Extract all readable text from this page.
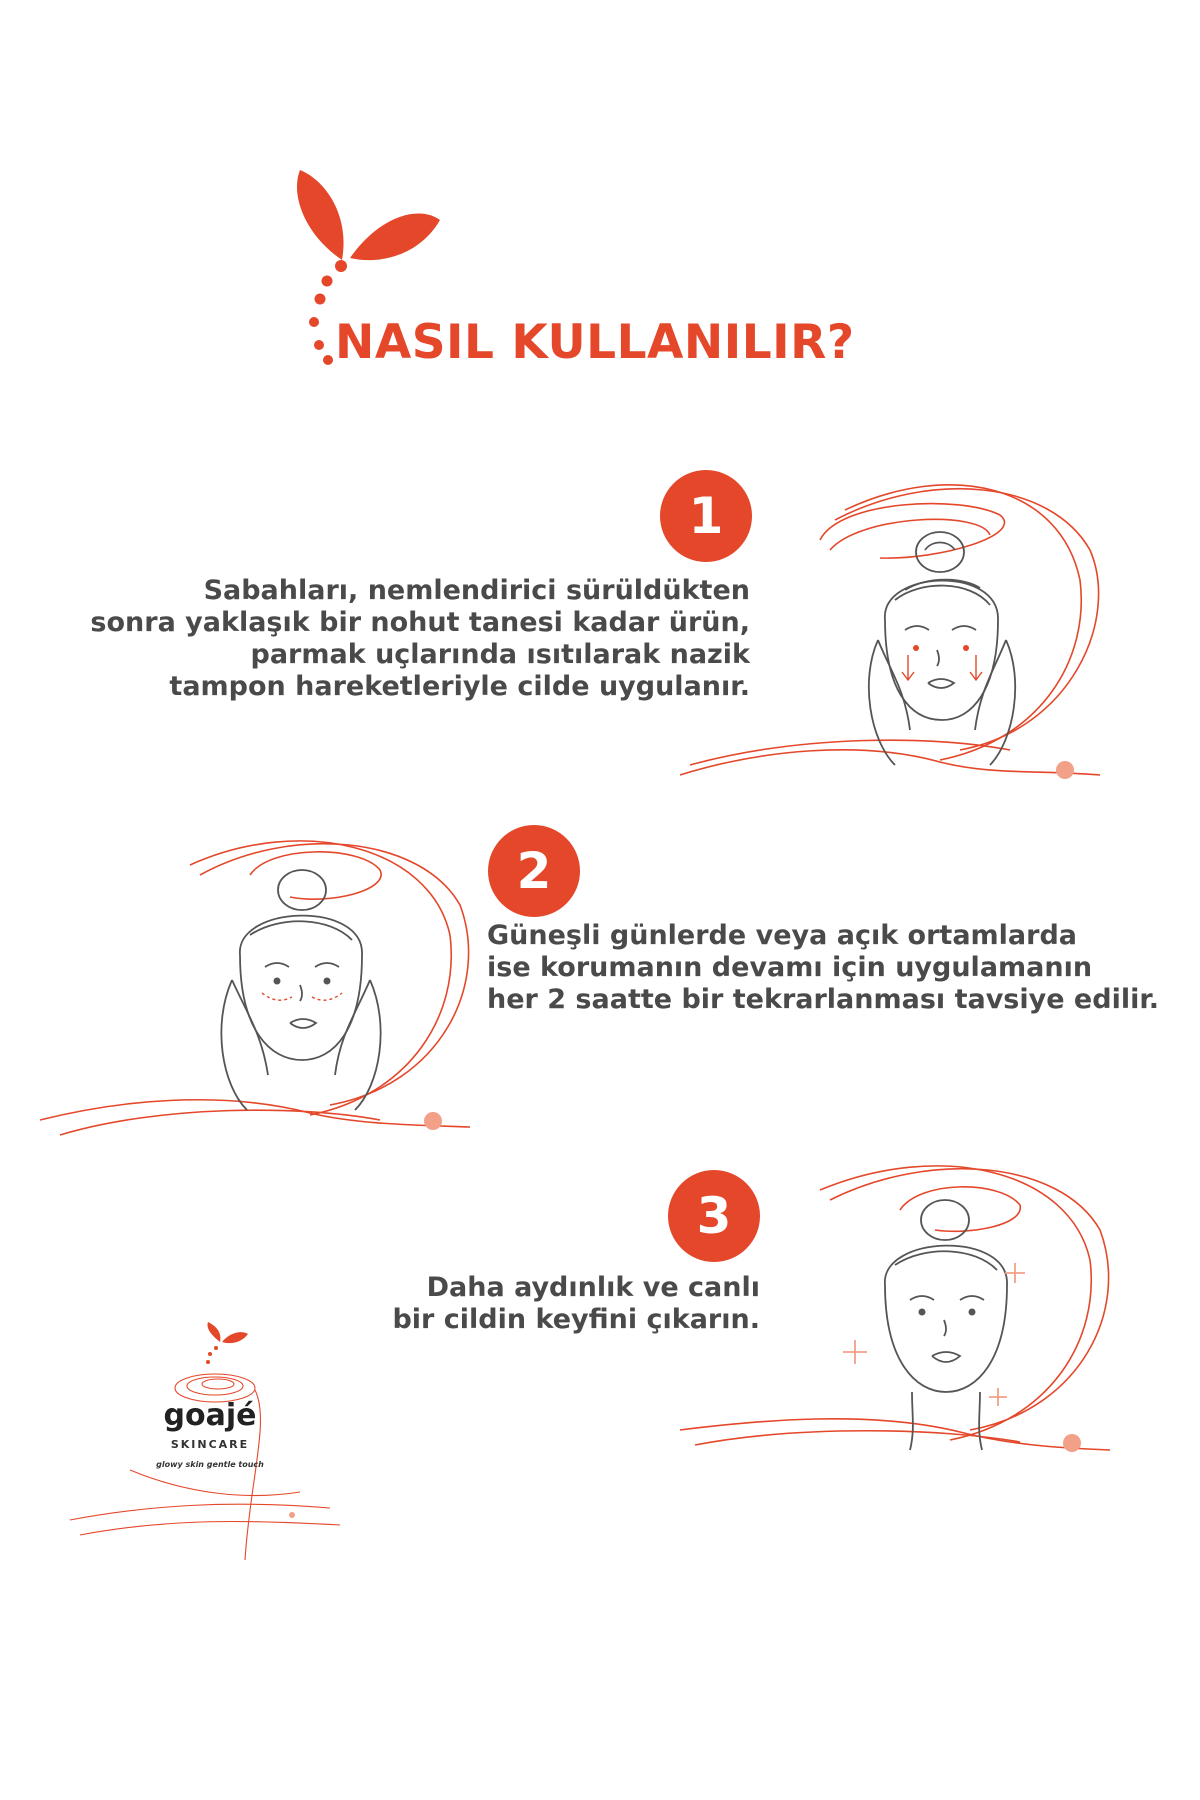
NASIL KULLANILIR?
1

Sabahları, nemlendirici sürüldükten
sonra yaklaşık bir nohut tanesi kadar ürün,
parmak uçlarında ısıtılarak nazik
tampon hareketleriyle cilde uygulanır.

2

Güneşli günlerde veya açık ortamlarda
ise korumanın devamı için uygulamanın
her 2 saatte bir tekrarlanması tavsiye edilir.

3

Daha aydınlık ve canlı
bir cildin keyfini çıkarın.

goajé
SKINCARE
glowy skin gentle touch
